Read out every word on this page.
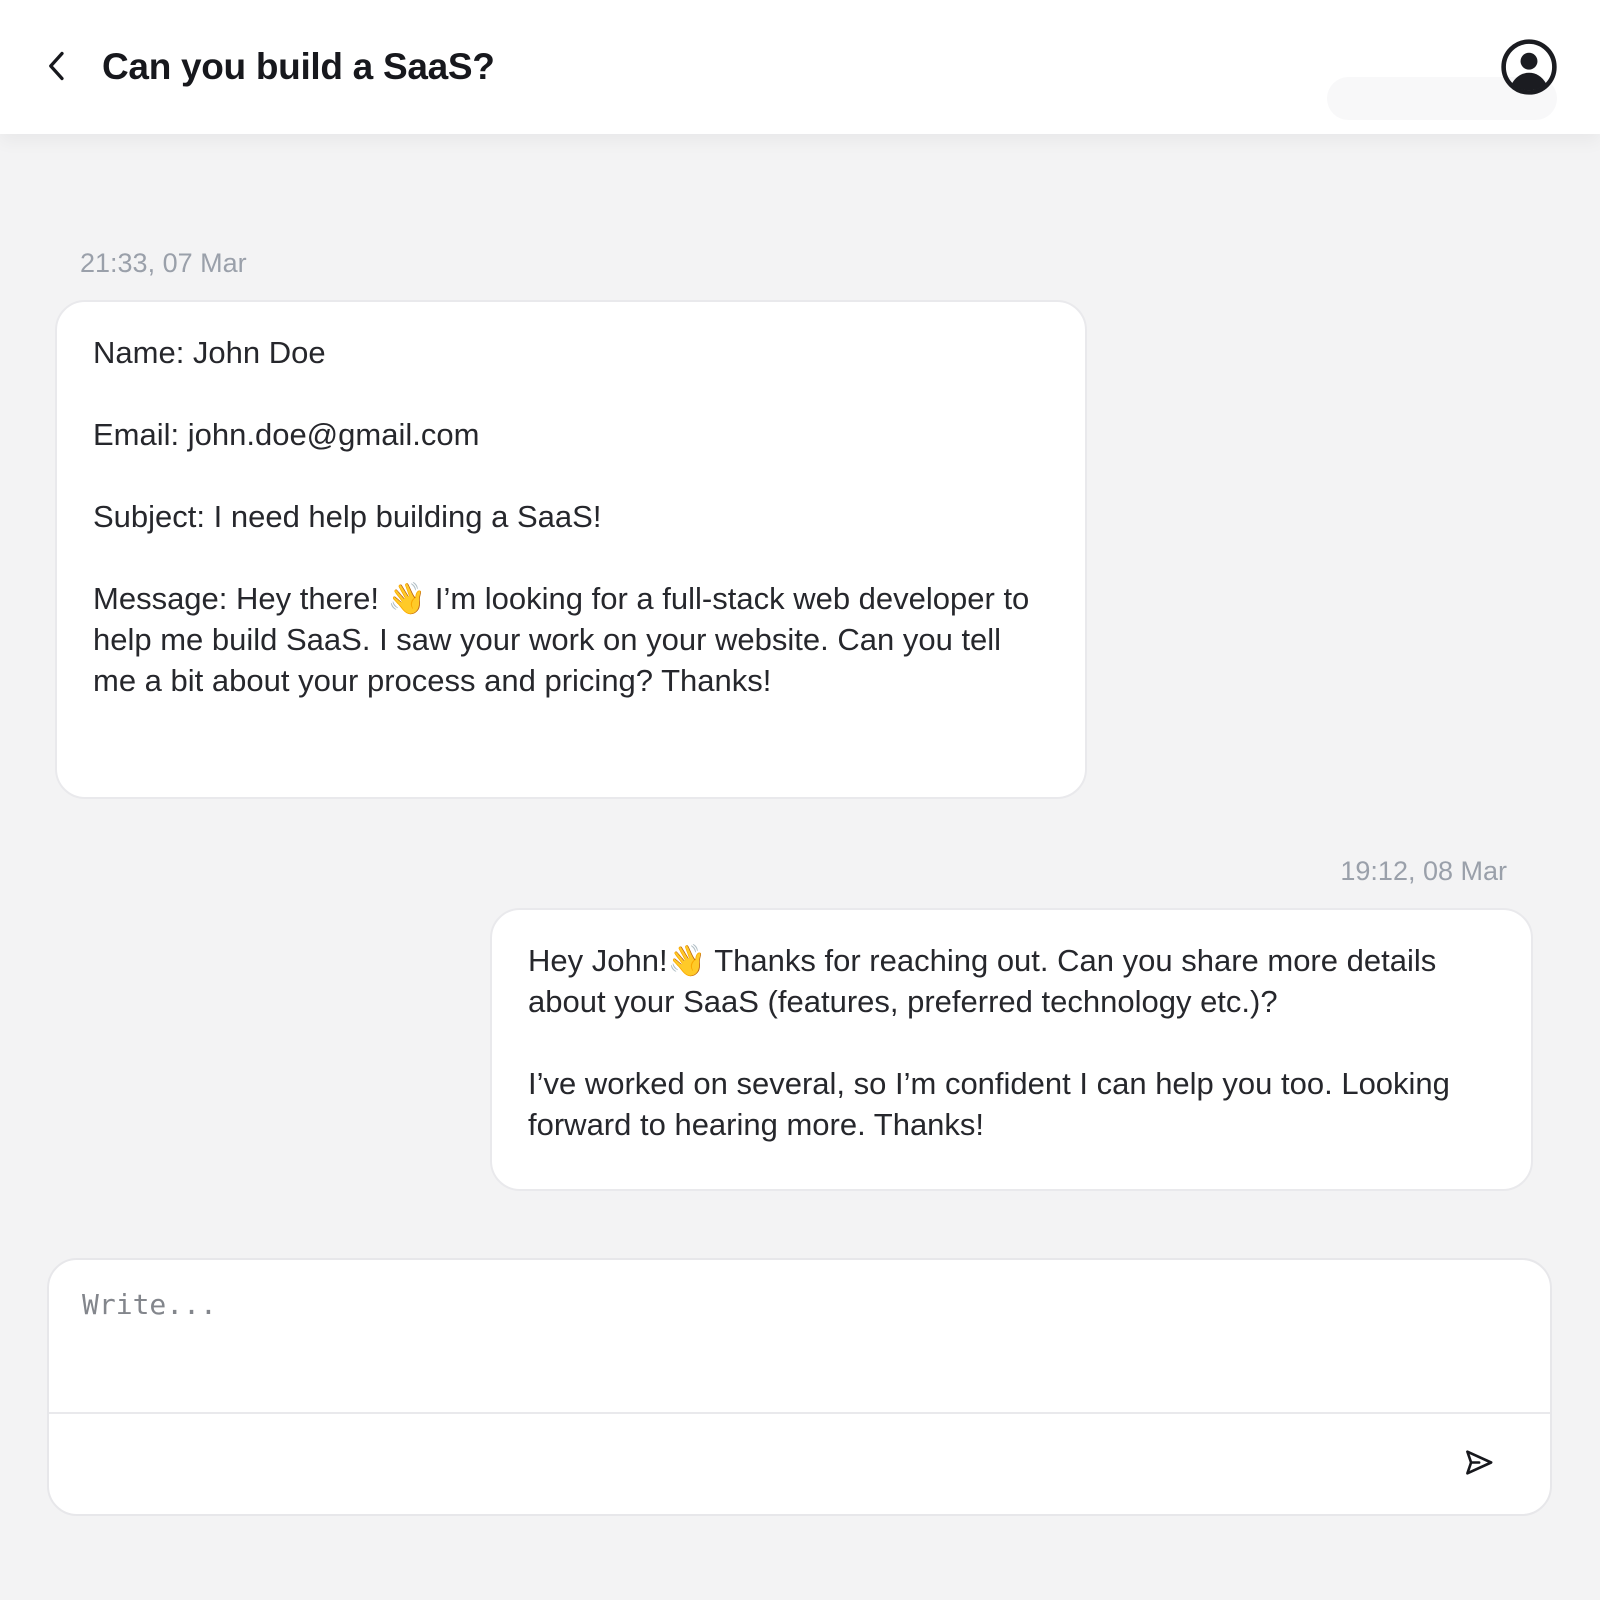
Can you build a SaaS?
21:33, 07 Mar

Name: John Doe

Email: john.doe@gmail.com

Subject: I need help building a SaaS!

Message: Hey there! 👋 I’m looking for a full-stack web developer to help me build SaaS. I saw your work on your website. Can you tell me a bit about your process and pricing? Thanks!

19:12, 08 Mar

Hey John!👋 Thanks for reaching out. Can you share more details about your SaaS (features, preferred technology etc.)?

I’ve worked on several, so I’m confident I can help you too. Looking forward to hearing more. Thanks!

Write...
